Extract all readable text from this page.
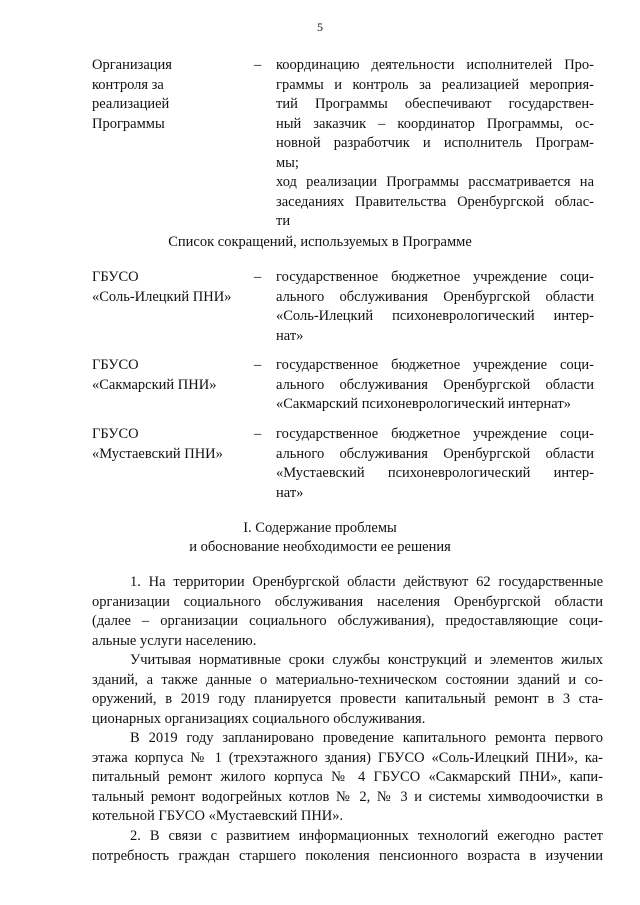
5
Организация
контроля за
реализацией
Программы
– координацию деятельности исполнителей Про-
граммы и контроль за реализацией мероприя-
тий Программы обеспечивают государствен-
ный заказчик – координатор Программы, ос-
новной разработчик и исполнитель Програм-
мы;
ход реализации Программы рассматривается на
заседаниях Правительства Оренбургской облас-
ти
Список сокращений, используемых в Программе
ГБУСО
«Соль-Илецкий ПНИ»
– государственное бюджетное учреждение соци-
ального обслуживания Оренбургской области
«Соль-Илецкий психоневрологический интер-
нат»
ГБУСО
«Сакмарский ПНИ»
– государственное бюджетное учреждение соци-
ального обслуживания Оренбургской области
«Сакмарский психоневрологический интернат»
ГБУСО
«Мустаевский ПНИ»
– государственное бюджетное учреждение соци-
ального обслуживания Оренбургской области
«Мустаевский психоневрологический интер-
нат»
I. Содержание проблемы
и обоснование необходимости ее решения
1. На территории Оренбургской области действуют 62 государственные
организации социального обслуживания населения Оренбургской области
(далее – организации социального обслуживания), предоставляющие соци-
альные услуги населению.
Учитывая нормативные сроки службы конструкций и элементов жилых
зданий, а также данные о материально-техническом состоянии зданий и со-
оружений, в 2019 году планируется провести капитальный ремонт в 3 ста-
ционарных организациях социального обслуживания.
В 2019 году запланировано проведение капитального ремонта первого
этажа корпуса № 1 (трехэтажного здания) ГБУСО «Соль-Илецкий ПНИ», ка-
питальный ремонт жилого корпуса № 4 ГБУСО «Сакмарский ПНИ», капи-
тальный ремонт водогрейных котлов № 2, № 3 и системы химводоочистки в
котельной ГБУСО «Мустаевский ПНИ».
2. В связи с развитием информационных технологий ежегодно растет
потребность граждан старшего поколения пенсионного возраста в изучении
